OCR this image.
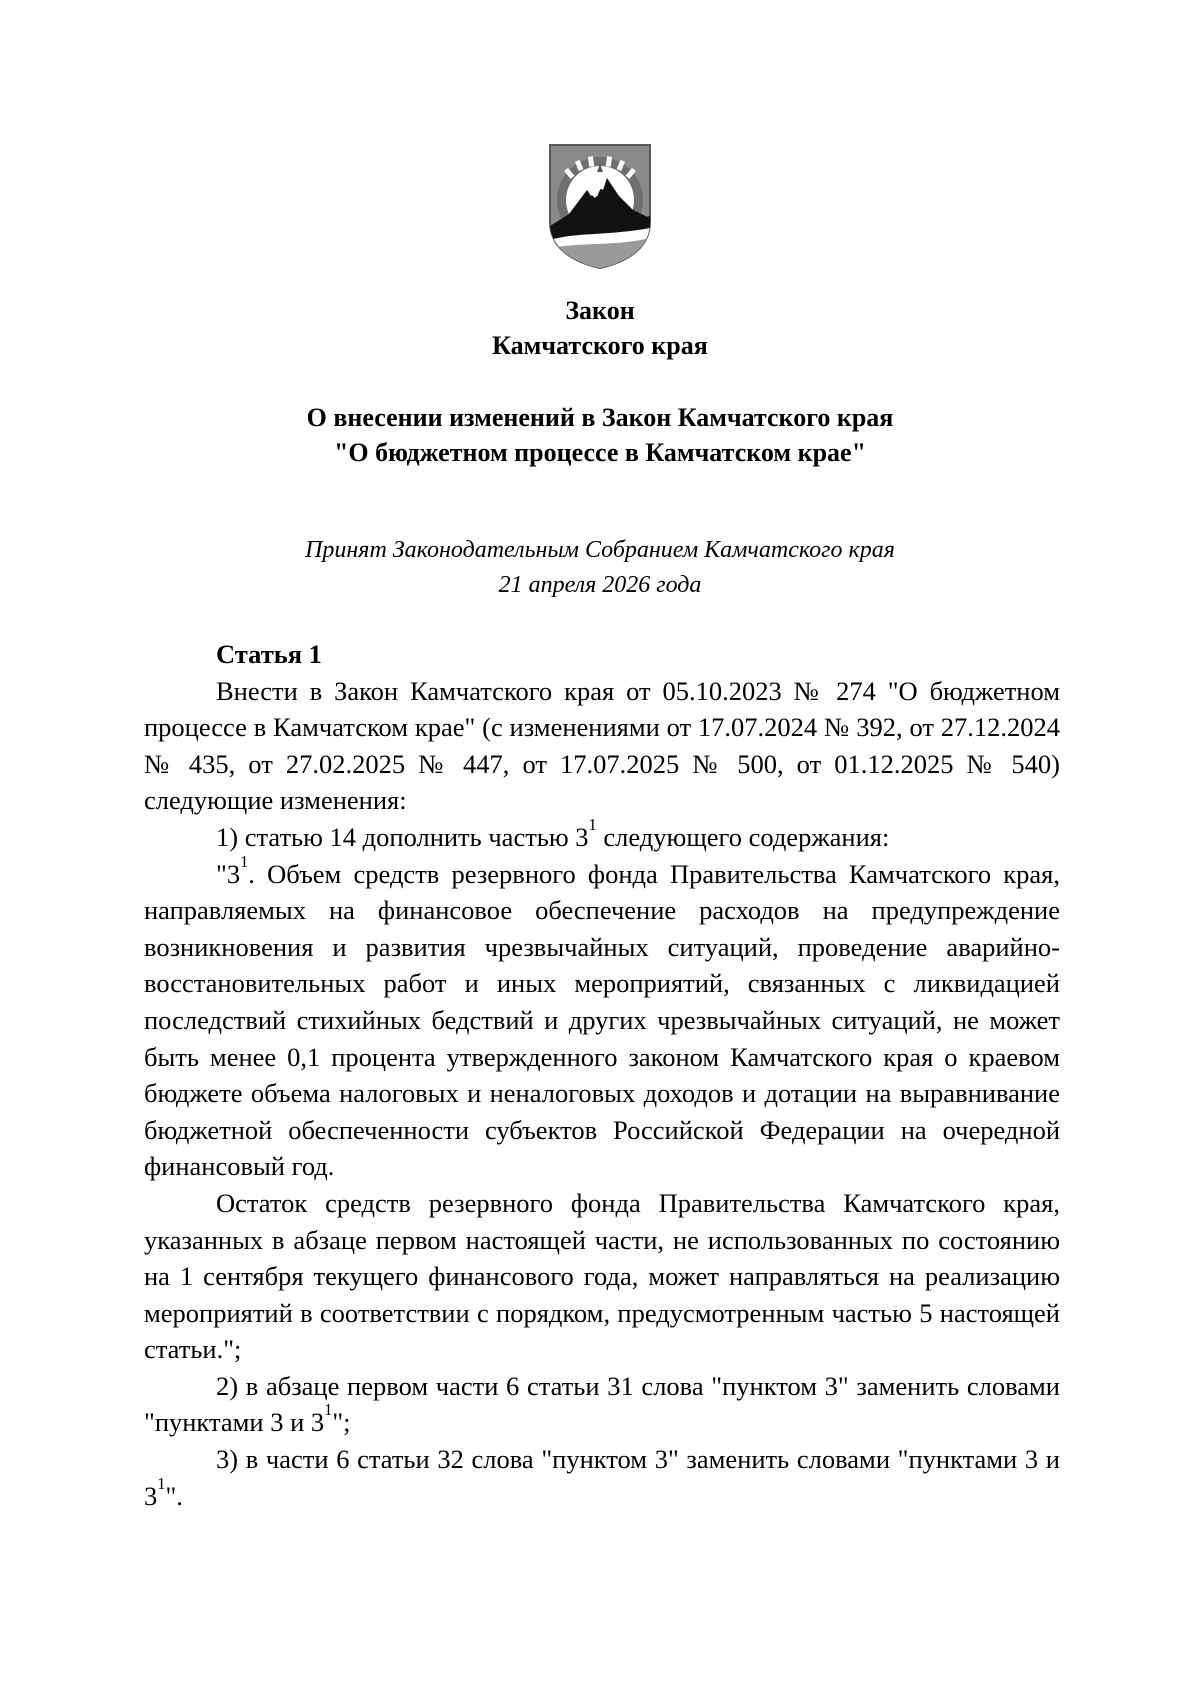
Закон
Камчатского края
О внесении изменений в Закон Камчатского края
"О бюджетном процессе в Камчатском крае"
Принят Законодательным Собранием Камчатского края
21 апреля 2026 года
Статья 1

Внести в Закон Камчатского края от 05.10.2023 № 274 "О бюджетном процессе в Камчатском крае" (с изменениями от 17.07.2024 № 392, от 27.12.2024 № 435, от 27.02.2025 № 447, от 17.07.2025 № 500, от 01.12.2025 № 540) следующие изменения:

1) статью 14 дополнить частью $3^1$ следующего содержания:

"$3^1$. Объем средств резервного фонда Правительства Камчатского края, направляемых на финансовое обеспечение расходов на предупреждение возникновения и развития чрезвычайных ситуаций, проведение аварийно-восстановительных работ и иных мероприятий, связанных с ликвидацией последствий стихийных бедствий и других чрезвычайных ситуаций, не может быть менее 0,1 процента утвержденного законом Камчатского края о краевом бюджете объема налоговых и неналоговых доходов и дотации на выравнивание бюджетной обеспеченности субъектов Российской Федерации на очередной финансовый год.

Остаток средств резервного фонда Правительства Камчатского края, указанных в абзаце первом настоящей части, не использованных по состоянию на 1 сентября текущего финансового года, может направляться на реализацию мероприятий в соответствии с порядком, предусмотренным частью 5 настоящей статьи.";

2) в абзаце первом части 6 статьи 31 слова "пунктом 3" заменить словами "пунктами 3 и $3^1$";

3) в части 6 статьи 32 слова "пунктом 3" заменить словами "пунктами 3 и $3^1$".
